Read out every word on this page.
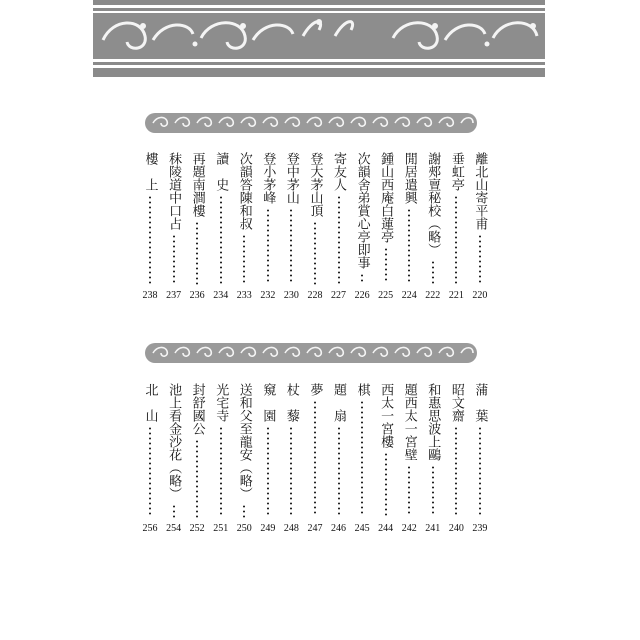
離北山寄平甫
220
垂虹亭
221
謝郟亶秘校（略）
222
閒居遣興
224
鍾山西庵白蓮亭
225
次韻舍弟賞心亭即事
226
寄友人
227
登大茅山頂
228
登中茅山
230
登小茅峰
232
次韻答陳和叔
233
讀　史
234
再題南澗樓
236
秣陵道中口占
237
樓　上
238
蒲　葉
239
昭文齋
240
和惠思波上鷗
241
題西太一宮壁
242
西太一宮樓
244
棋
245
題　扇
246
夢
247
杖　藜
248
窺　園
249
送和父至龍安（略）
250
光宅寺
251
封舒國公
252
池上看金沙花（略）
254
北　山
256
